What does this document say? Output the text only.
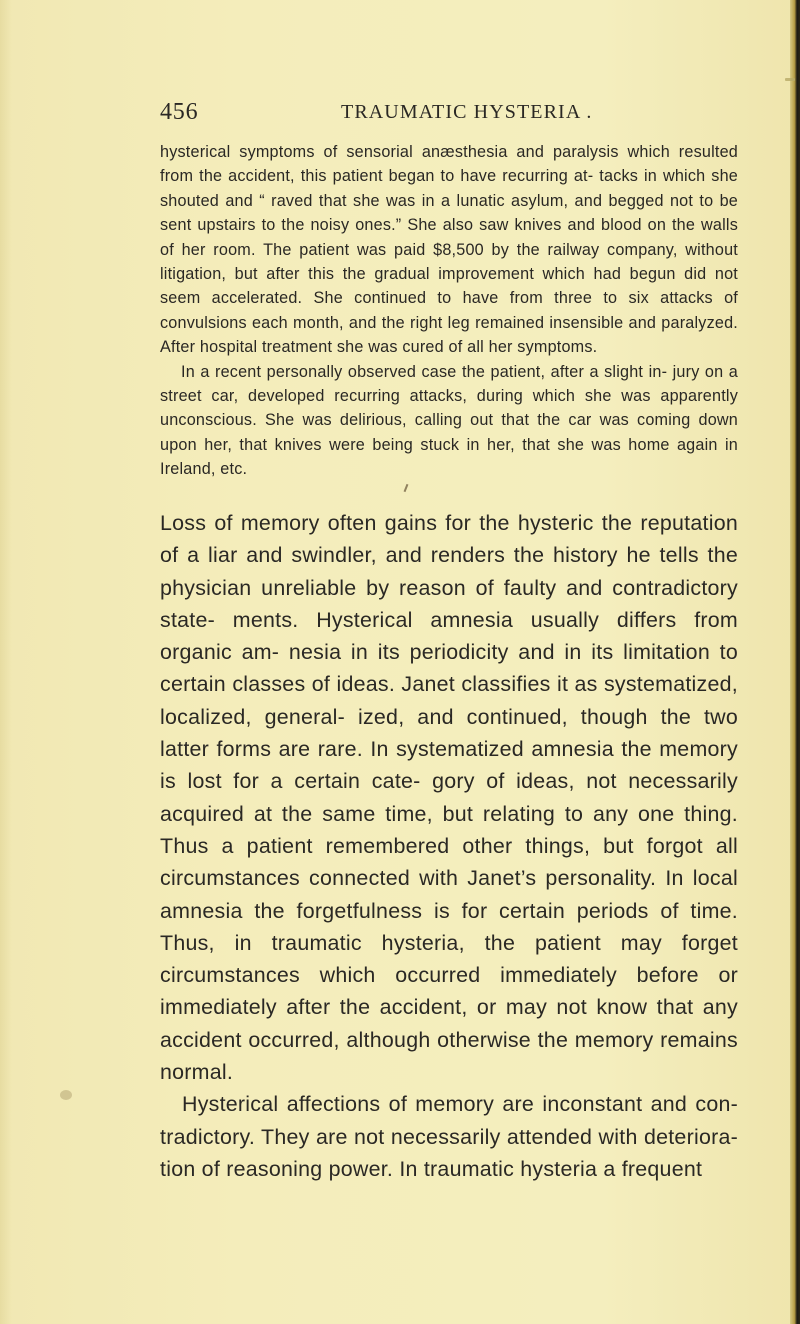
456	TRAUMATIC HYSTERIA .

hysterical symptoms of sensorial anæsthesia and paralysis which resulted from the accident, this patient began to have recurring at- tacks in which she shouted and “ raved that she was in a lunatic asylum, and begged not to be sent upstairs to the noisy ones.” She also saw knives and blood on the walls of her room. The patient was paid $8,500 by the railway company, without litigation, but after this the gradual improvement which had begun did not seem accelerated. She continued to have from three to six attacks of convulsions each month, and the right leg remained insensible and paralyzed. After hospital treatment she was cured of all her symptoms.

In a recent personally observed case the patient, after a slight in- jury on a street car, developed recurring attacks, during which she was apparently unconscious. She was delirious, calling out that the car was coming down upon her, that knives were being stuck in her, that she was home again in Ireland, etc.

Loss of memory often gains for the hysteric the reputation of a liar and swindler, and renders the history he tells the physician unreliable by reason of faulty and contradictory state- ments. Hysterical amnesia usually differs from organic am- nesia in its periodicity and in its limitation to certain classes of ideas. Janet classifies it as systematized, localized, general- ized, and continued, though the two latter forms are rare. In systematized amnesia the memory is lost for a certain cate- gory of ideas, not necessarily acquired at the same time, but relating to any one thing. Thus a patient remembered other things, but forgot all circumstances connected with Janet’s personality. In local amnesia the forgetfulness is for certain periods of time. Thus, in traumatic hysteria, the patient may forget circumstances which occurred immediately before or immediately after the accident, or may not know that any accident occurred, although otherwise the memory remains normal.

Hysterical affections of memory are inconstant and con- tradictory. They are not necessarily attended with deteriora- tion of reasoning power. In traumatic hysteria a frequent
